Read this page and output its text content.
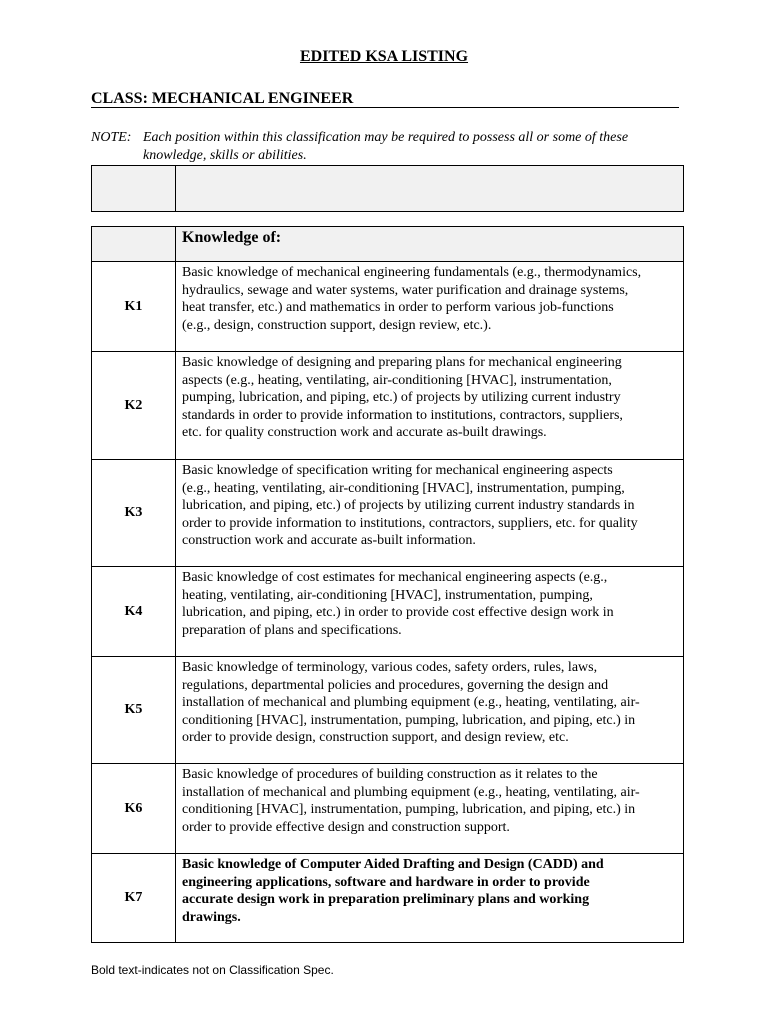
EDITED KSA LISTING
CLASS: MECHANICAL ENGINEER
NOTE: Each position within this classification may be required to possess all or some of these
knowledge, skills or abilities.

	Knowledge of:
K1	Basic knowledge of mechanical engineering fundamentals (e.g., thermodynamics,
hydraulics, sewage and water systems, water purification and drainage systems,
heat transfer, etc.) and mathematics in order to perform various job-functions
(e.g., design, construction support, design review, etc.).

K2	Basic knowledge of designing and preparing plans for mechanical engineering
aspects (e.g., heating, ventilating, air-conditioning [HVAC], instrumentation,
pumping, lubrication, and piping, etc.) of projects by utilizing current industry
standards in order to provide information to institutions, contractors, suppliers,
etc. for quality construction work and accurate as-built drawings.

K3	Basic knowledge of specification writing for mechanical engineering aspects
(e.g., heating, ventilating, air-conditioning [HVAC], instrumentation, pumping,
lubrication, and piping, etc.) of projects by utilizing current industry standards in
order to provide information to institutions, contractors, suppliers, etc. for quality
construction work and accurate as-built information.

K4	Basic knowledge of cost estimates for mechanical engineering aspects (e.g.,
heating, ventilating, air-conditioning [HVAC], instrumentation, pumping,
lubrication, and piping, etc.) in order to provide cost effective design work in
preparation of plans and specifications.

K5	Basic knowledge of terminology, various codes, safety orders, rules, laws,
regulations, departmental policies and procedures, governing the design and
installation of mechanical and plumbing equipment (e.g., heating, ventilating, air-
conditioning [HVAC], instrumentation, pumping, lubrication, and piping, etc.) in
order to provide design, construction support, and design review, etc.

K6	Basic knowledge of procedures of building construction as it relates to the
installation of mechanical and plumbing equipment (e.g., heating, ventilating, air-
conditioning [HVAC], instrumentation, pumping, lubrication, and piping, etc.) in
order to provide effective design and construction support.

K7	Basic knowledge of Computer Aided Drafting and Design (CADD) and
engineering applications, software and hardware in order to provide
accurate design work in preparation preliminary plans and working
drawings.
Bold text-indicates not on Classification Spec.
